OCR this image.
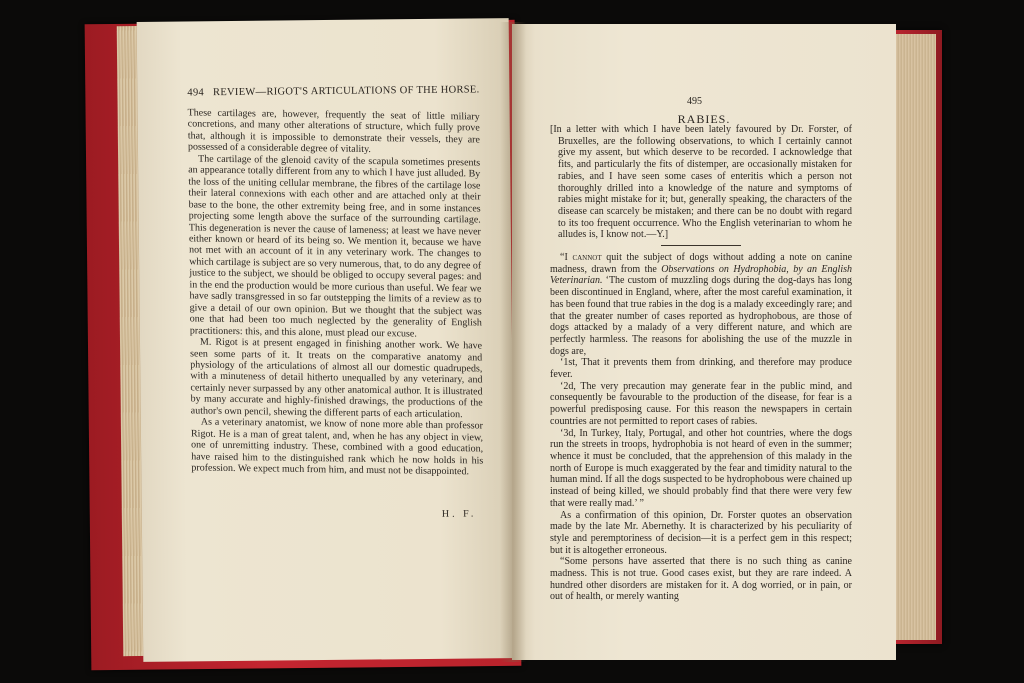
494 REVIEW—RIGOT'S ARTICULATIONS OF THE HORSE.

These cartilages are, however, frequently the seat of little miliary concretions, and many other alterations of structure, which fully prove that, although it is impossible to demonstrate their vessels, they are possessed of a considerable degree of vitality.

The cartilage of the glenoid cavity of the scapula sometimes presents an appearance totally different from any to which I have just alluded. By the loss of the uniting cellular membrane, the fibres of the cartilage lose their lateral connexions with each other and are attached only at their base to the bone, the other extremity being free, and in some instances projecting some length above the surface of the surrounding cartilage. This degeneration is never the cause of lameness; at least we have never either known or heard of its being so. We mention it, because we have not met with an account of it in any veterinary work. The changes to which cartilage is subject are so very numerous, that, to do any degree of justice to the subject, we should be obliged to occupy several pages: and in the end the production would be more curious than useful. We fear we have sadly transgressed in so far outstepping the limits of a review as to give a detail of our own opinion. But we thought that the subject was one that had been too much neglected by the generality of English practitioners: this, and this alone, must plead our excuse.

M. Rigot is at present engaged in finishing another work. We have seen some parts of it. It treats on the comparative anatomy and physiology of the articulations of almost all our domestic quadrupeds, with a minuteness of detail hitherto unequalled by any veterinary, and certainly never surpassed by any other anatomical author. It is illustrated by many accurate and highly-finished drawings, the productions of the author's own pencil, shewing the different parts of each articulation.

As a veterinary anatomist, we know of none more able than professor Rigot. He is a man of great talent, and, when he has any object in view, one of unremitting industry. These, combined with a good education, have raised him to the distinguished rank which he now holds in his profession. We expect much from him, and must not be disappointed.

H. F.
495
RABIES.

[In a letter with which I have been lately favoured by Dr. Forster, of Bruxelles, are the following observations, to which I certainly cannot give my assent, but which deserve to be recorded. I acknowledge that fits, and particularly the fits of distemper, are occasionally mistaken for rabies, and I have seen some cases of enteritis which a person not thoroughly drilled into a knowledge of the nature and symptoms of rabies might mistake for it; but, generally speaking, the characters of the disease can scarcely be mistaken; and there can be no doubt with regard to its too frequent occurrence. Who the English veterinarian to whom he alludes is, I know not.—Y.]

“I cannot quit the subject of dogs without adding a note on canine madness, drawn from the Observations on Hydrophobia, by an English Veterinarian. ‘The custom of muzzling dogs during the dog-days has long been discontinued in England, where, after the most careful examination, it has been found that true rabies in the dog is a malady exceedingly rare; and that the greater number of cases reported as hydrophobous, are those of dogs attacked by a malady of a very different nature, and which are perfectly harmless. The reasons for abolishing the use of the muzzle in dogs are,

‘1st, That it prevents them from drinking, and therefore may produce fever.

‘2d, The very precaution may generate fear in the public mind, and consequently be favourable to the production of the disease, for fear is a powerful predisposing cause. For this reason the newspapers in certain countries are not permitted to report cases of rabies.

‘3d, In Turkey, Italy, Portugal, and other hot countries, where the dogs run the streets in troops, hydrophobia is not heard of even in the summer; whence it must be concluded, that the apprehension of this malady in the north of Europe is much exaggerated by the fear and timidity natural to the human mind. If all the dogs suspected to be hydrophobous were chained up instead of being killed, we should probably find that there were very few that were really mad.’ ”

As a confirmation of this opinion, Dr. Forster quotes an observation made by the late Mr. Abernethy. It is characterized by his peculiarity of style and peremptoriness of decision—it is a perfect gem in this respect; but it is altogether erroneous.

“Some persons have asserted that there is no such thing as canine madness. This is not true. Good cases exist, but they are rare indeed. A hundred other disorders are mistaken for it. A dog worried, or in pain, or out of health, or merely wanting
